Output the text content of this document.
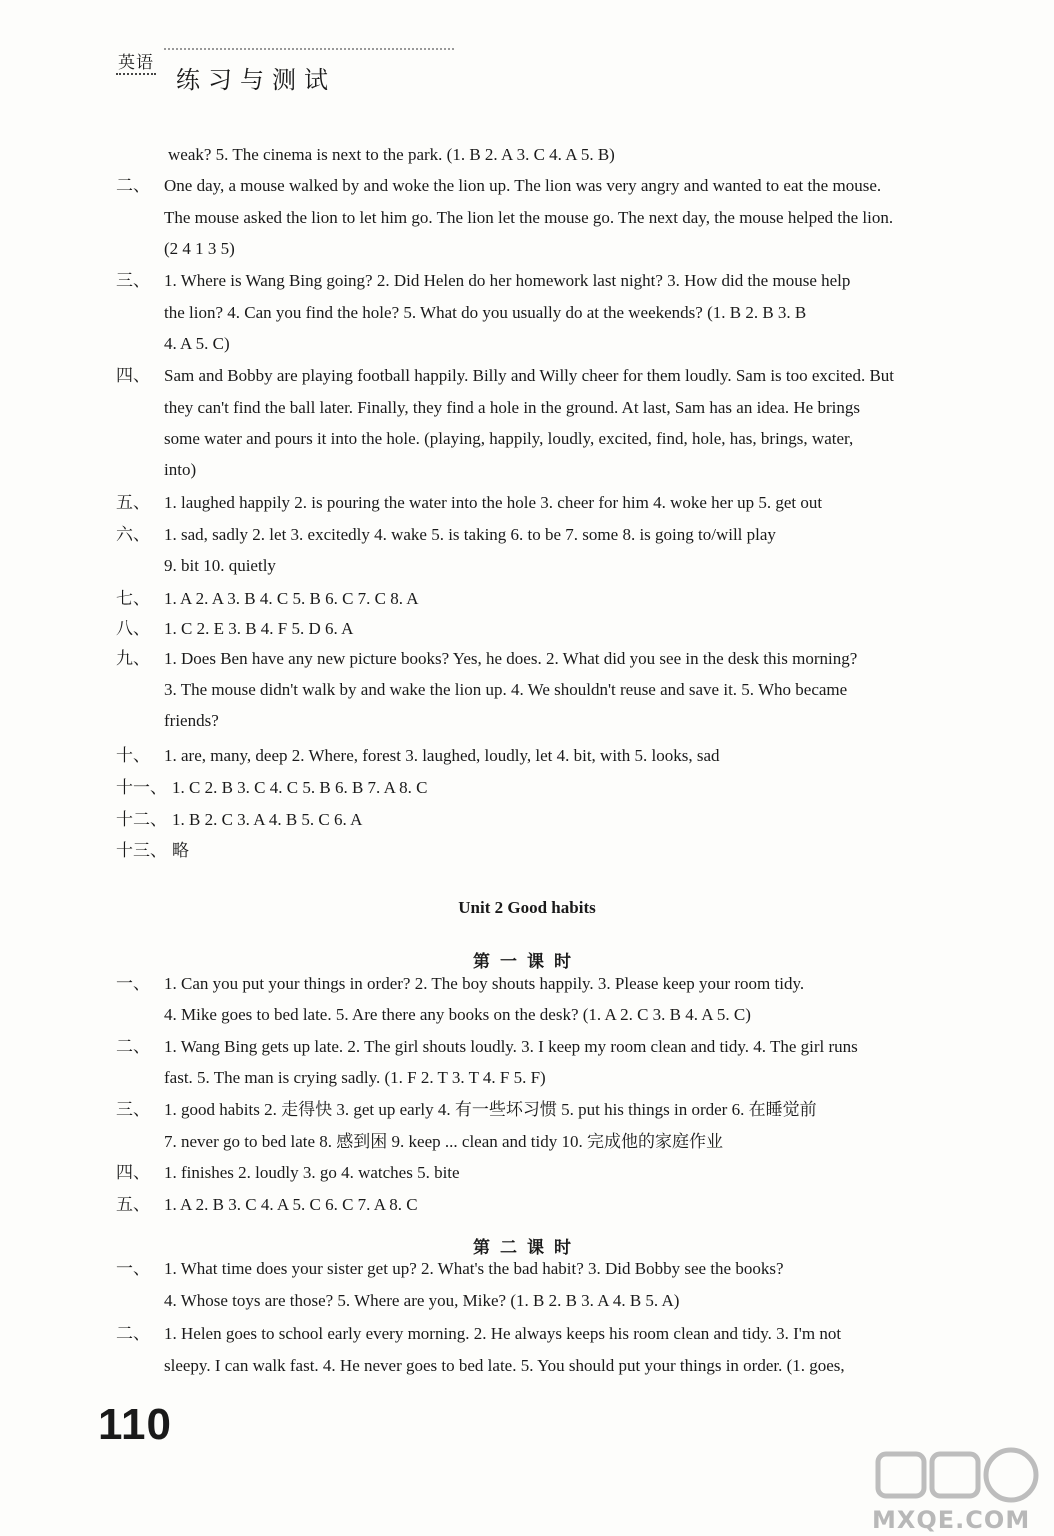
英语
练习与测试
weak? 5. The cinema is next to the park. (1. B 2. A 3. C 4. A 5. B)
二、 One day, a mouse walked by and woke the lion up. The lion was very angry and wanted to eat the mouse.
The mouse asked the lion to let him go. The lion let the mouse go. The next day, the mouse helped the lion.
(2 4 1 3 5)
三、 1. Where is Wang Bing going? 2. Did Helen do her homework last night? 3. How did the mouse help
the lion? 4. Can you find the hole? 5. What do you usually do at the weekends? (1. B 2. B 3. B
4. A 5. C)
四、 Sam and Bobby are playing football happily. Billy and Willy cheer for them loudly. Sam is too excited. But
they can't find the ball later. Finally, they find a hole in the ground. At last, Sam has an idea. He brings
some water and pours it into the hole. (playing, happily, loudly, excited, find, hole, has, brings, water,
into)
五、 1. laughed happily 2. is pouring the water into the hole 3. cheer for him 4. woke her up 5. get out
六、 1. sad, sadly 2. let 3. excitedly 4. wake 5. is taking 6. to be 7. some 8. is going to/will play
9. bit 10. quietly
七、 1. A 2. A 3. B 4. C 5. B 6. C 7. C 8. A
八、 1. C 2. E 3. B 4. F 5. D 6. A
九、 1. Does Ben have any new picture books? Yes, he does. 2. What did you see in the desk this morning?
3. The mouse didn't walk by and wake the lion up. 4. We shouldn't reuse and save it. 5. Who became
friends?
十、 1. are, many, deep 2. Where, forest 3. laughed, loudly, let 4. bit, with 5. looks, sad
十一、 1. C 2. B 3. C 4. C 5. B 6. B 7. A 8. C
十二、 1. B 2. C 3. A 4. B 5. C 6. A
十三、 略
Unit 2 Good habits
第一课时
一、 1. Can you put your things in order? 2. The boy shouts happily. 3. Please keep your room tidy.
4. Mike goes to bed late. 5. Are there any books on the desk? (1. A 2. C 3. B 4. A 5. C)
二、 1. Wang Bing gets up late. 2. The girl shouts loudly. 3. I keep my room clean and tidy. 4. The girl runs
fast. 5. The man is crying sadly. (1. F 2. T 3. T 4. F 5. F)
三、 1. good habits 2. 走得快 3. get up early 4. 有一些坏习惯 5. put his things in order 6. 在睡觉前
7. never go to bed late 8. 感到困 9. keep ... clean and tidy 10. 完成他的家庭作业
四、 1. finishes 2. loudly 3. go 4. watches 5. bite
五、 1. A 2. B 3. C 4. A 5. C 6. C 7. A 8. C
第二课时
一、 1. What time does your sister get up? 2. What's the bad habit? 3. Did Bobby see the books?
4. Whose toys are those? 5. Where are you, Mike? (1. B 2. B 3. A 4. B 5. A)
二、 1. Helen goes to school early every morning. 2. He always keeps his room clean and tidy. 3. I'm not
sleepy. I can walk fast. 4. He never goes to bed late. 5. You should put your things in order. (1. goes,
110
MXQE.COM
